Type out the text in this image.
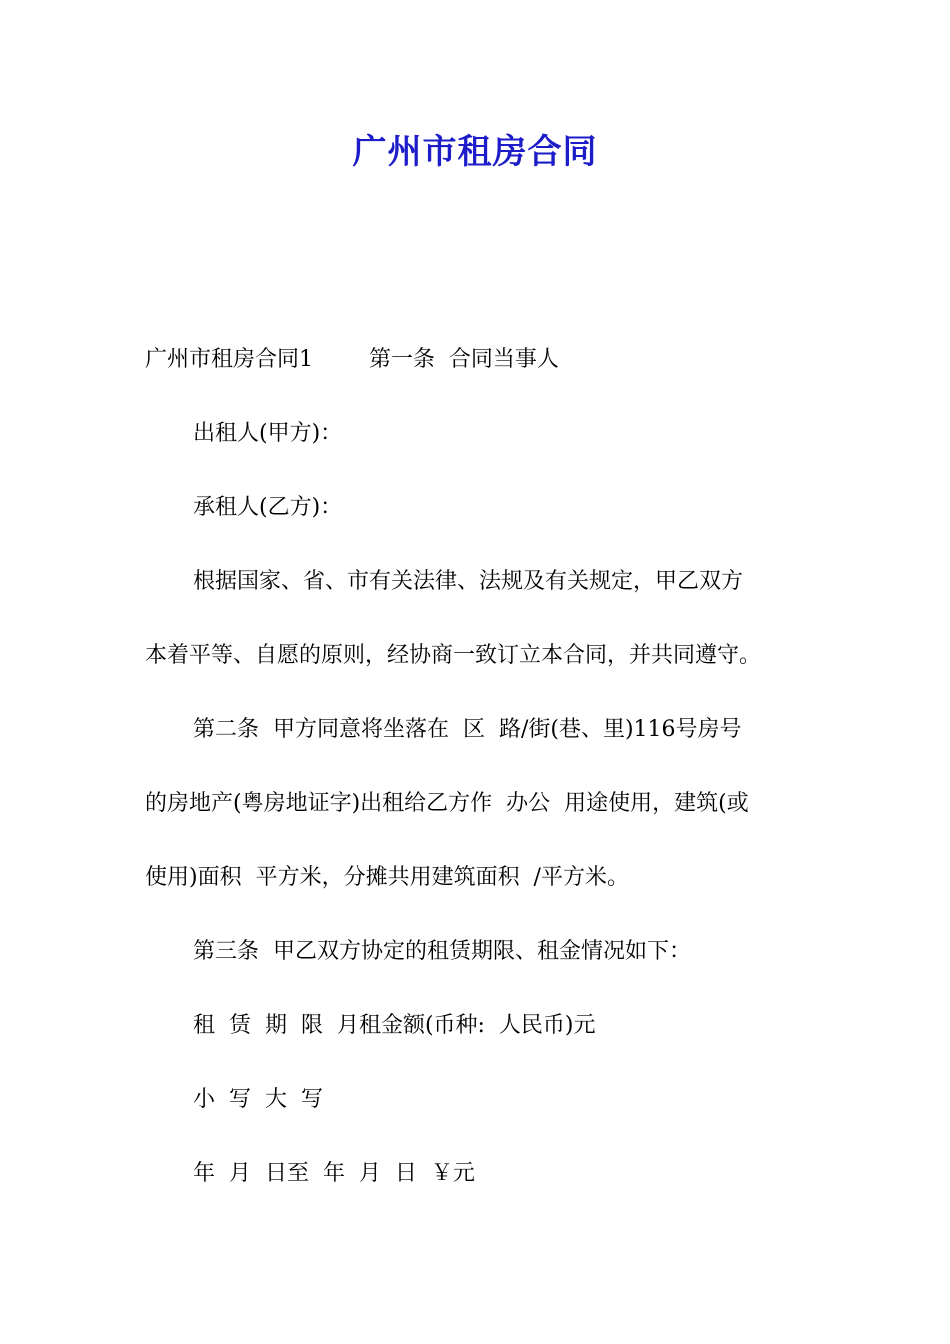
广州市租房合同

广州市租房合同1        第一条  合同当事人

出租人(甲方)：

承租人(乙方)：

根据国家、省、市有关法律、法规及有关规定，甲乙双方

本着平等、自愿的原则，经协商一致订立本合同，并共同遵守。

第二条  甲方同意将坐落在  区  路/街(巷、里)116号房号

的房地产(粤房地证字)出租给乙方作  办公  用途使用，建筑(或

使用)面积  平方米，分摊共用建筑面积  /平方米。

第三条  甲乙双方协定的租赁期限、租金情况如下：

租  赁  期  限  月租金额(币种:  人民币)元

小  写  大  写

年  月  日至  年  月  日  ￥元
